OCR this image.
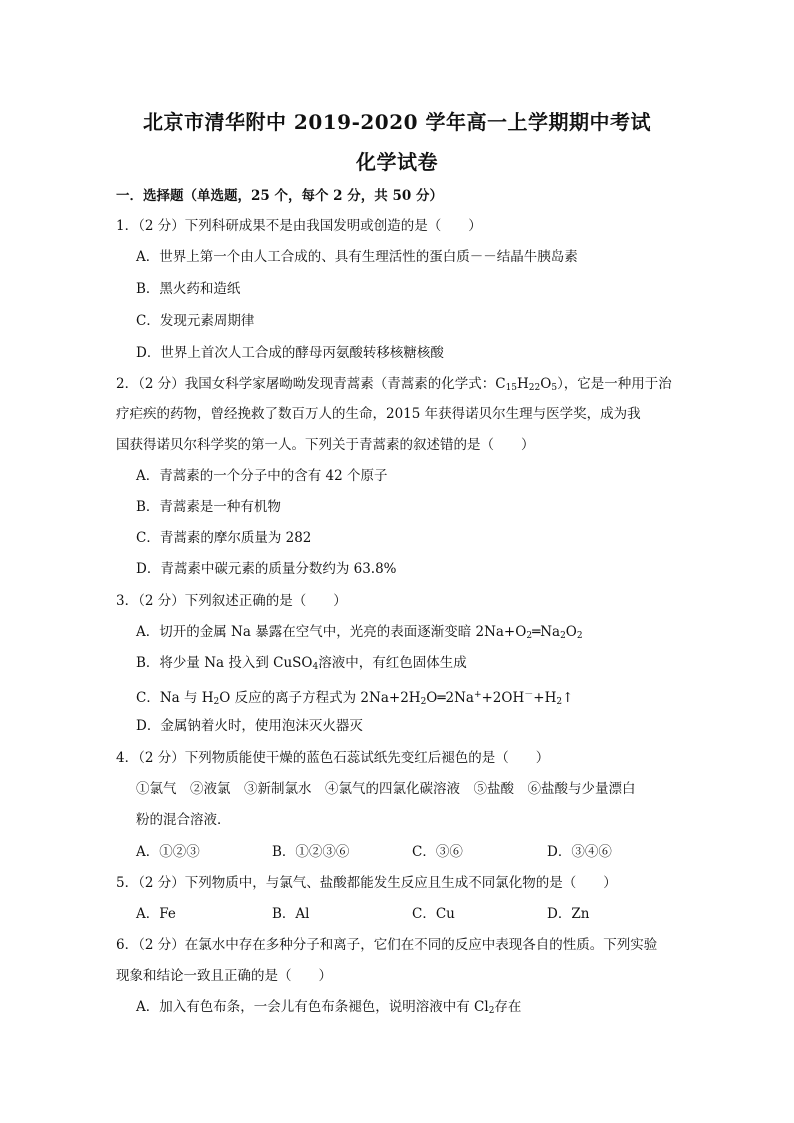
北京市清华附中 2019-2020 学年高一上学期期中考试
化学试卷
一．选择题（单选题，25 个，每个 2 分，共 50 分）
1．（2 分）下列科研成果不是由我国发明或创造的是（　　）
A．世界上第一个由人工合成的、具有生理活性的蛋白质－－结晶牛胰岛素
B．黑火药和造纸
C．发现元素周期律
D．世界上首次人工合成的酵母丙氨酸转移核糖核酸
2．（2 分）我国女科学家屠呦呦发现青蒿素（青蒿素的化学式：$C_{15}H_{22}O_5$），它是一种用于治
疗疟疾的药物，曾经挽救了数百万人的生命，2015 年获得诺贝尔生理与医学奖，成为我
国获得诺贝尔科学奖的第一人。下列关于青蒿素的叙述错的是（　　）
A．青蒿素的一个分子中的含有 42 个原子
B．青蒿素是一种有机物
C．青蒿素的摩尔质量为 282
D．青蒿素中碳元素的质量分数约为 63.8%
3．（2 分）下列叙述正确的是（　　）
A．切开的金属 Na 暴露在空气中，光亮的表面逐渐变暗 $2Na+O_2═Na_2O_2$
B．将少量 Na 投入到 CuSO$_4$溶液中，有红色固体生成
C．Na 与 $H_2O$ 反应的离子方程式为 $2Na+2H_2O═2Na^++2OH^-+H_2↑$
D．金属钠着火时，使用泡沫灭火器灭
4．（2 分）下列物质能使干燥的蓝色石蕊试纸先变红后褪色的是（　　）
①氯气　②液氯　③新制氯水　④氯气的四氯化碳溶液　⑤盐酸　⑥盐酸与少量漂白
粉的混合溶液．
A．①②③	B．①②③⑥	C．③⑥	D．③④⑥
5．（2 分）下列物质中，与氯气、盐酸都能发生反应且生成不同氯化物的是（　　）
A．Fe	B．Al	C．Cu	D．Zn
6．（2 分）在氯水中存在多种分子和离子，它们在不同的反应中表现各自的性质。下列实验
现象和结论一致且正确的是（　　）
A．加入有色布条，一会儿有色布条褪色，说明溶液中有 $Cl_2$存在
